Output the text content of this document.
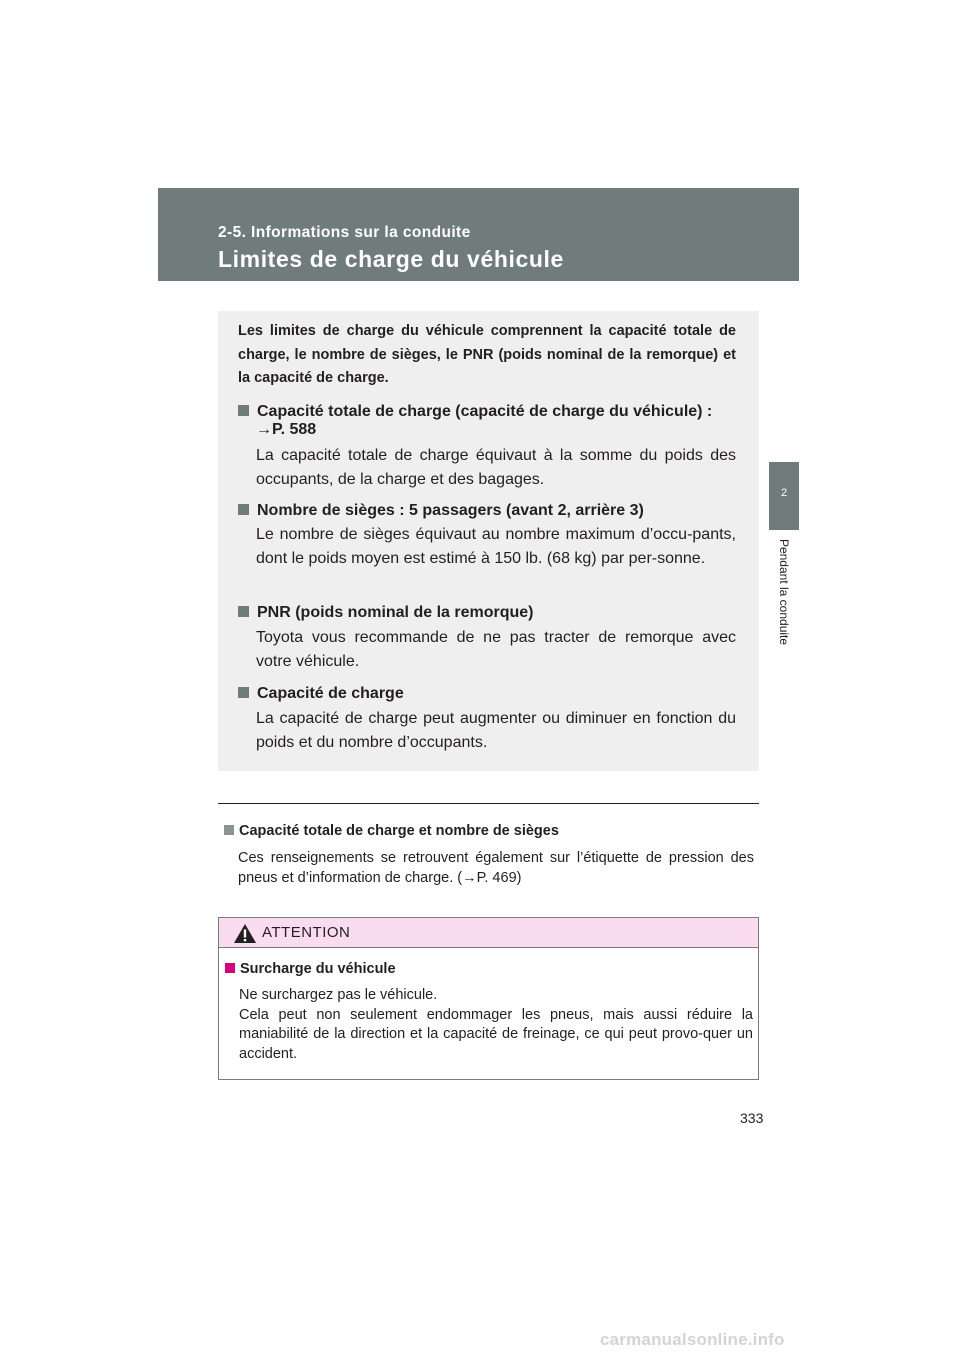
2-5. Informations sur la conduite
Limites de charge du véhicule
2
Pendant la conduite
Les limites de charge du véhicule comprennent la capacité totale de charge, le nombre de sièges, le PNR (poids nominal de la remorque) et la capacité de charge.
Capacité totale de charge (capacité de charge du véhicule) :
→P. 588
La capacité totale de charge équivaut à la somme du poids des occupants, de la charge et des bagages.
Nombre de sièges : 5 passagers (avant 2, arrière 3)
Le nombre de sièges équivaut au nombre maximum d’occu-pants, dont le poids moyen est estimé à 150 lb. (68 kg) par per-sonne.
PNR (poids nominal de la remorque)
Toyota vous recommande de ne pas tracter de remorque avec votre véhicule.
Capacité de charge
La capacité de charge peut augmenter ou diminuer en fonction du poids et du nombre d’occupants.
Capacité totale de charge et nombre de sièges
Ces renseignements se retrouvent également sur l’étiquette de pression des pneus et d’information de charge. (→P. 469)
ATTENTION
Surcharge du véhicule
Ne surchargez pas le véhicule.
Cela peut non seulement endommager les pneus, mais aussi réduire la maniabilité de la direction et la capacité de freinage, ce qui peut provo-quer un accident.
333
carmanualsonline.info
